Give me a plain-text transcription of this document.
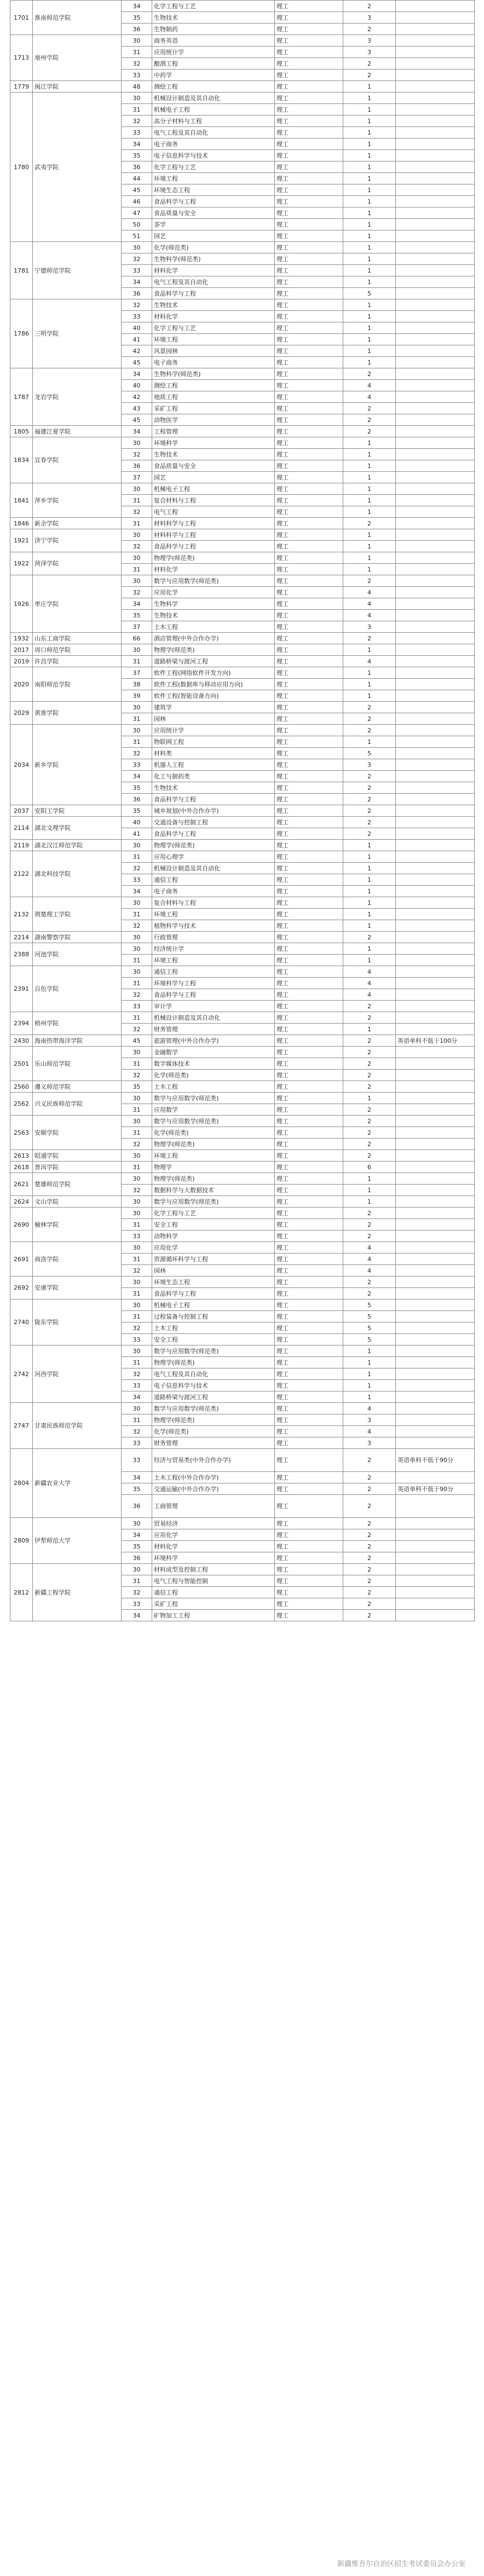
1701	淮南师范学院	34	化学工程与工艺	理工	2	
		35	生物技术	理工	3	
		36	生物制药	理工	2	
1713	亳州学院	30	商务英语	理工	3	
		31	应用统计学	理工	3	
		32	酿酒工程	理工	2	
		33	中药学	理工	2	
1779	闽江学院	48	测绘工程	理工	1	
1780	武夷学院	30	机械设计制造及其自动化	理工	1	
		31	机械电子工程	理工	1	
		32	高分子材料与工程	理工	1	
		33	电气工程及其自动化	理工	1	
		34	电子商务	理工	1	
		35	电子信息科学与技术	理工	1	
		36	化学工程与工艺	理工	1	
		44	环境工程	理工	1	
		45	环境生态工程	理工	1	
		46	食品科学与工程	理工	1	
		47	食品质量与安全	理工	1	
		50	茶学	理工	1	
		51	园艺	理工	1	
1781	宁德师范学院	30	化学(师范类)	理工	1	
		32	生物科学(师范类)	理工	1	
		33	材料化学	理工	1	
		34	电气工程及其自动化	理工	1	
		36	食品科学与工程	理工	5	
1786	三明学院	32	生物技术	理工	1	
		33	材料化学	理工	1	
		40	化学工程与工艺	理工	1	
		41	环境工程	理工	1	
		42	风景园林	理工	1	
		45	电子商务	理工	1	
1787	龙岩学院	34	生物科学(师范类)	理工	2	
		40	测绘工程	理工	4	
		42	地质工程	理工	4	
		43	采矿工程	理工	2	
		45	动物医学	理工	2	
1805	福建江夏学院	34	工程管理	理工	2	
1834	宜春学院	30	环境科学	理工	1	
		32	生物技术	理工	1	
		36	食品质量与安全	理工	1	
		37	园艺	理工	1	
1841	萍乡学院	30	机械电子工程	理工	1	
		31	复合材料与工程	理工	1	
		32	电气工程	理工	1	
1846	新余学院	31	材料科学与工程	理工	2	
1921	济宁学院	30	材料科学与工程	理工	1	
		32	食品科学与工程	理工	1	
1922	菏泽学院	30	物理学(师范类)	理工	1	
		31	材料化学	理工	1	
1926	枣庄学院	30	数学与应用数学(师范类)	理工	2	
		32	应用化学	理工	4	
		34	生物科学	理工	4	
		35	生物技术	理工	4	
		37	土木工程	理工	3	
1932	山东工商学院	66	酒店管理(中外合作办学)	理工	2	
2017	周口师范学院	30	物理学(师范类)	理工	1	
2019	许昌学院	31	道路桥梁与渡河工程	理工	4	
2020	南阳师范学院	37	软件工程(网络软件开发方向)	理工	1	
		38	软件工程(数据库与移动应用方向)	理工	1	
		39	软件工程(智能设备方向)	理工	1	
2029	黄淮学院	30	建筑学	理工	2	
		31	园林	理工	2	
2034	新乡学院	30	应用统计学	理工	2	
		31	物联网工程	理工	1	
		32	材料类	理工	5	
		33	机器人工程	理工	3	
		34	化工与制药类	理工	2	
		35	生物技术	理工	2	
		36	食品科学与工程	理工	2	
2037	安阳工学院	35	城乡规划(中外合作办学)	理工	2	
2114	湖北文理学院	40	交通设备与控制工程	理工	2	
		41	食品科学与工程	理工	2	
2119	湖北汉江师范学院	30	物理学(师范类)	理工	1	
2122	湖北科技学院	31	应用心理学	理工	1	
		32	机械设计制造及其自动化	理工	1	
		33	通信工程	理工	1	
		34	电子商务	理工	1	
2132	荆楚理工学院	30	复合材料与工程	理工	1	
		31	环境工程	理工	1	
		32	植物科学与技术	理工	1	
2214	湖南警察学院	30	行政管理	理工	2	
2388	河池学院	30	经济统计学	理工	1	
		31	环境工程	理工	1	
2391	百色学院	30	通信工程	理工	4	
		31	环境科学与工程	理工	4	
		32	食品科学与工程	理工	4	
		33	审计学	理工	2	
2394	梧州学院	31	机械设计制造及其自动化	理工	2	
		32	财务管理	理工	1	
2430	海南热带海洋学院	45	旅游管理(中外合作办学)	理工	2	英语单科不低于100分
2501	乐山师范学院	30	金融数学	理工	2	
		31	数字媒体技术	理工	2	
		32	化学(师范类)	理工	2	
2560	遵义师范学院	35	土木工程	理工	2	
2562	兴义民族师范学院	30	数学与应用数学(师范类)	理工	1	
		31	应用数学	理工	2	
2563	安顺学院	30	数学与应用数学(师范类)	理工	2	
		31	化学(师范类)	理工	2	
		32	物理学(师范类)	理工	2	
2613	昭通学院	30	环境工程	理工	2	
2618	普洱学院	31	物理学	理工	6	
2621	楚雄师范学院	30	物理学(师范类)	理工	1	
		32	数据科学与大数据技术	理工	1	
2624	文山学院	30	数学与应用数学(师范类)	理工	1	
2690	榆林学院	30	化学工程与工艺	理工	2	
		31	安全工程	理工	2	
		33	动物科学	理工	2	
2691	商洛学院	30	应用化学	理工	4	
		31	资源循环科学与工程	理工	4	
		32	园林	理工	4	
2692	安康学院	30	环境生态工程	理工	2	
		31	食品科学与工程	理工	2	
2740	陇东学院	30	机械电子工程	理工	5	
		31	过程装备与控制工程	理工	5	
		32	土木工程	理工	5	
		33	安全工程	理工	5	
2742	河西学院	30	数学与应用数学(师范类)	理工	1	
		31	物理学(师范类)	理工	1	
		32	电气工程及其自动化	理工	1	
		33	电子信息科学与技术	理工	1	
		34	道路桥梁与渡河工程	理工	1	
2747	甘肃民族师范学院	30	数学与应用数学(师范类)	理工	4	
		31	物理学(师范类)	理工	3	
		32	化学(师范类)	理工	4	
		33	财务管理	理工	3	
2804	新疆农业大学	33	经济与贸易类(中外合作办学)	理工	2	英语单科不低于90分
		34	土木工程(中外合作办学)	理工	2	
		35	交通运输(中外合作办学)	理工	2	英语单科不低于90分
		36	工商管理	理工	2	
2809	伊犁师范大学	30	贸易经济	理工	2	
		34	应用化学	理工	2	
		35	材料化学	理工	2	
		36	环境科学	理工	2	
2812	新疆工程学院	30	材料成型及控制工程	理工	2	
		31	电气工程与智能控制	理工	2	
		32	通信工程	理工	2	
		33	采矿工程	理工	2	
		34	矿物加工工程	理工	2	
新疆维吾尔自治区招生考试委员会办公室
